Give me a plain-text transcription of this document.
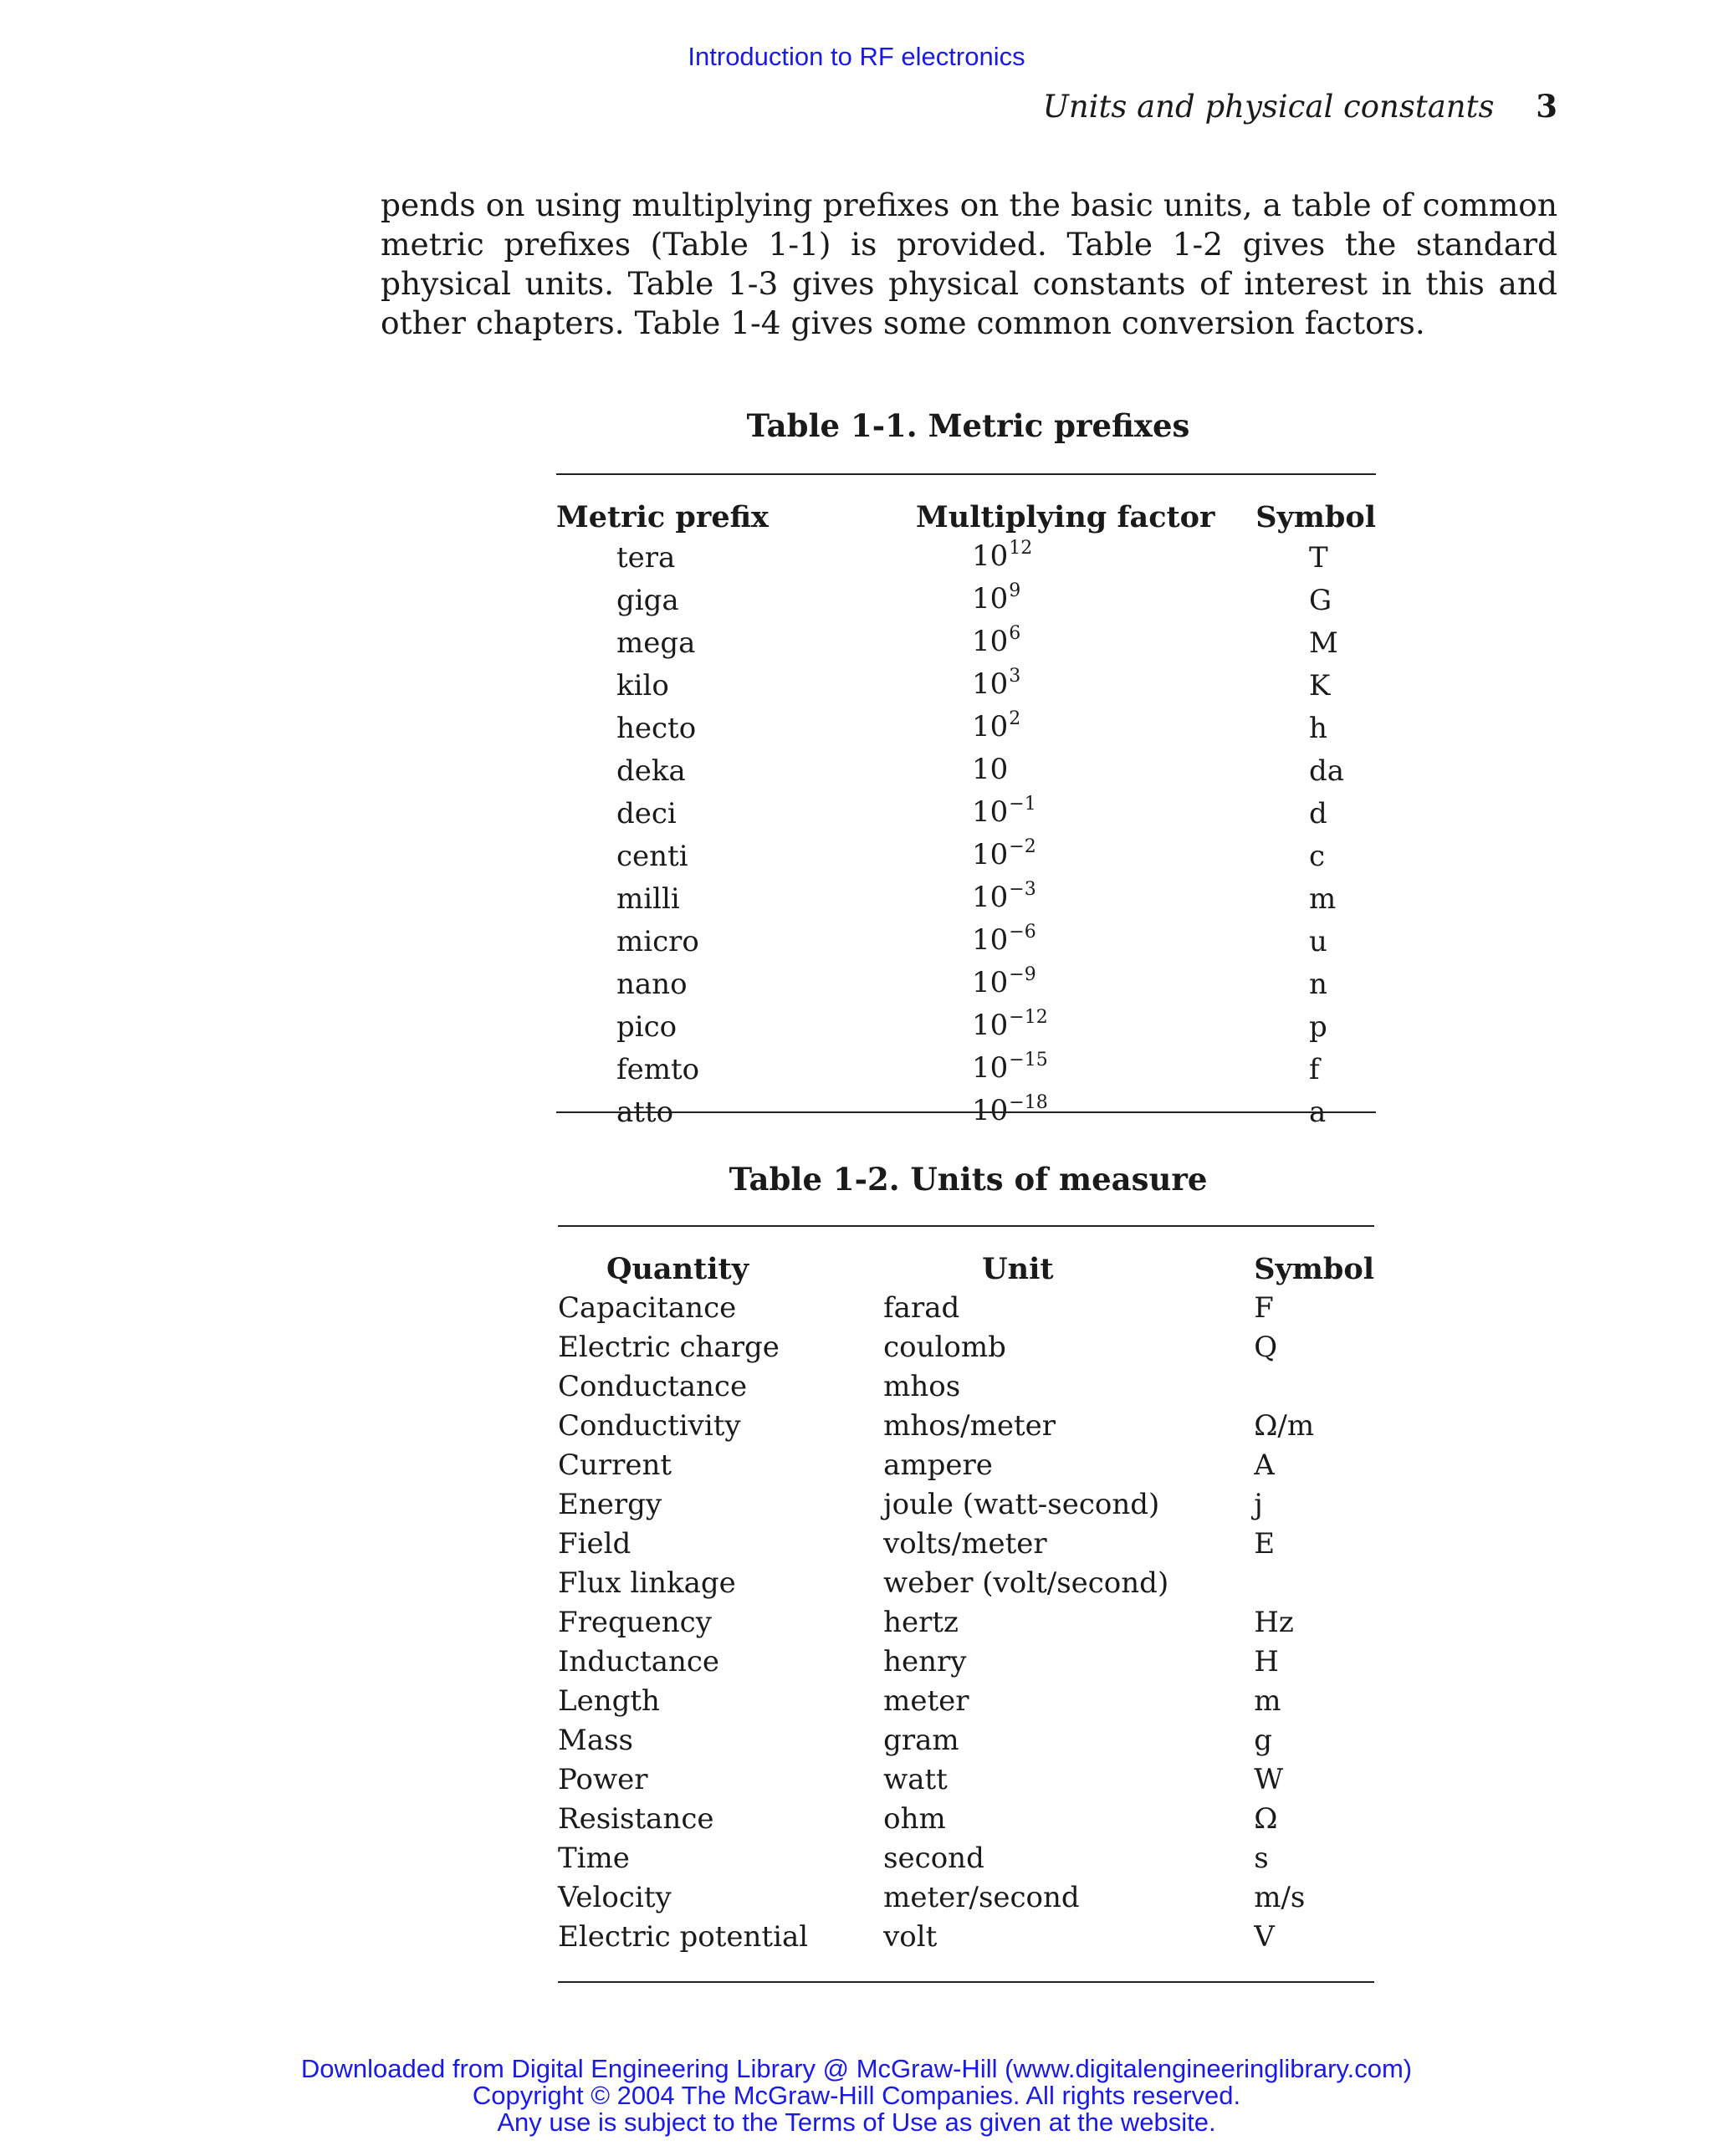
Introduction to RF electronics
Units and physical constants 3

pends on using multiplying prefixes on the basic units, a table of common metric prefixes (Table 1-1) is provided. Table 1-2 gives the standard physical units. Table 1-3 gives physical constants of interest in this and other chapters. Table 1-4 gives some common conversion factors.

Table 1-1. Metric prefixes
Metric prefix	Multiplying factor	Symbol
tera	$10^{12}$	T
giga	$10^9$	G
mega	$10^6$	M
kilo	$10^3$	K
hecto	$10^2$	h
deka	10	da
deci	$10^{-1}$	d
centi	$10^{-2}$	c
milli	$10^{-3}$	m
micro	$10^{-6}$	u
nano	$10^{-9}$	n
pico	$10^{-12}$	p
femto	$10^{-15}$	f
atto	$10^{-18}$	a
Table 1-2. Units of measure
Quantity	Unit	Symbol
Capacitance	farad	F
Electric charge	coulomb	Q
Conductance	mhos	
Conductivity	mhos/meter	Ω/m
Current	ampere	A
Energy	joule (watt-second)	j
Field	volts/meter	E
Flux linkage	weber (volt/second)	
Frequency	hertz	Hz
Inductance	henry	H
Length	meter	m
Mass	gram	g
Power	watt	W
Resistance	ohm	Ω
Time	second	s
Velocity	meter/second	m/s
Electric potential	volt	V
Downloaded from Digital Engineering Library @ McGraw-Hill (www.digitalengineeringlibrary.com)
Copyright © 2004 The McGraw-Hill Companies. All rights reserved.
Any use is subject to the Terms of Use as given at the website.
